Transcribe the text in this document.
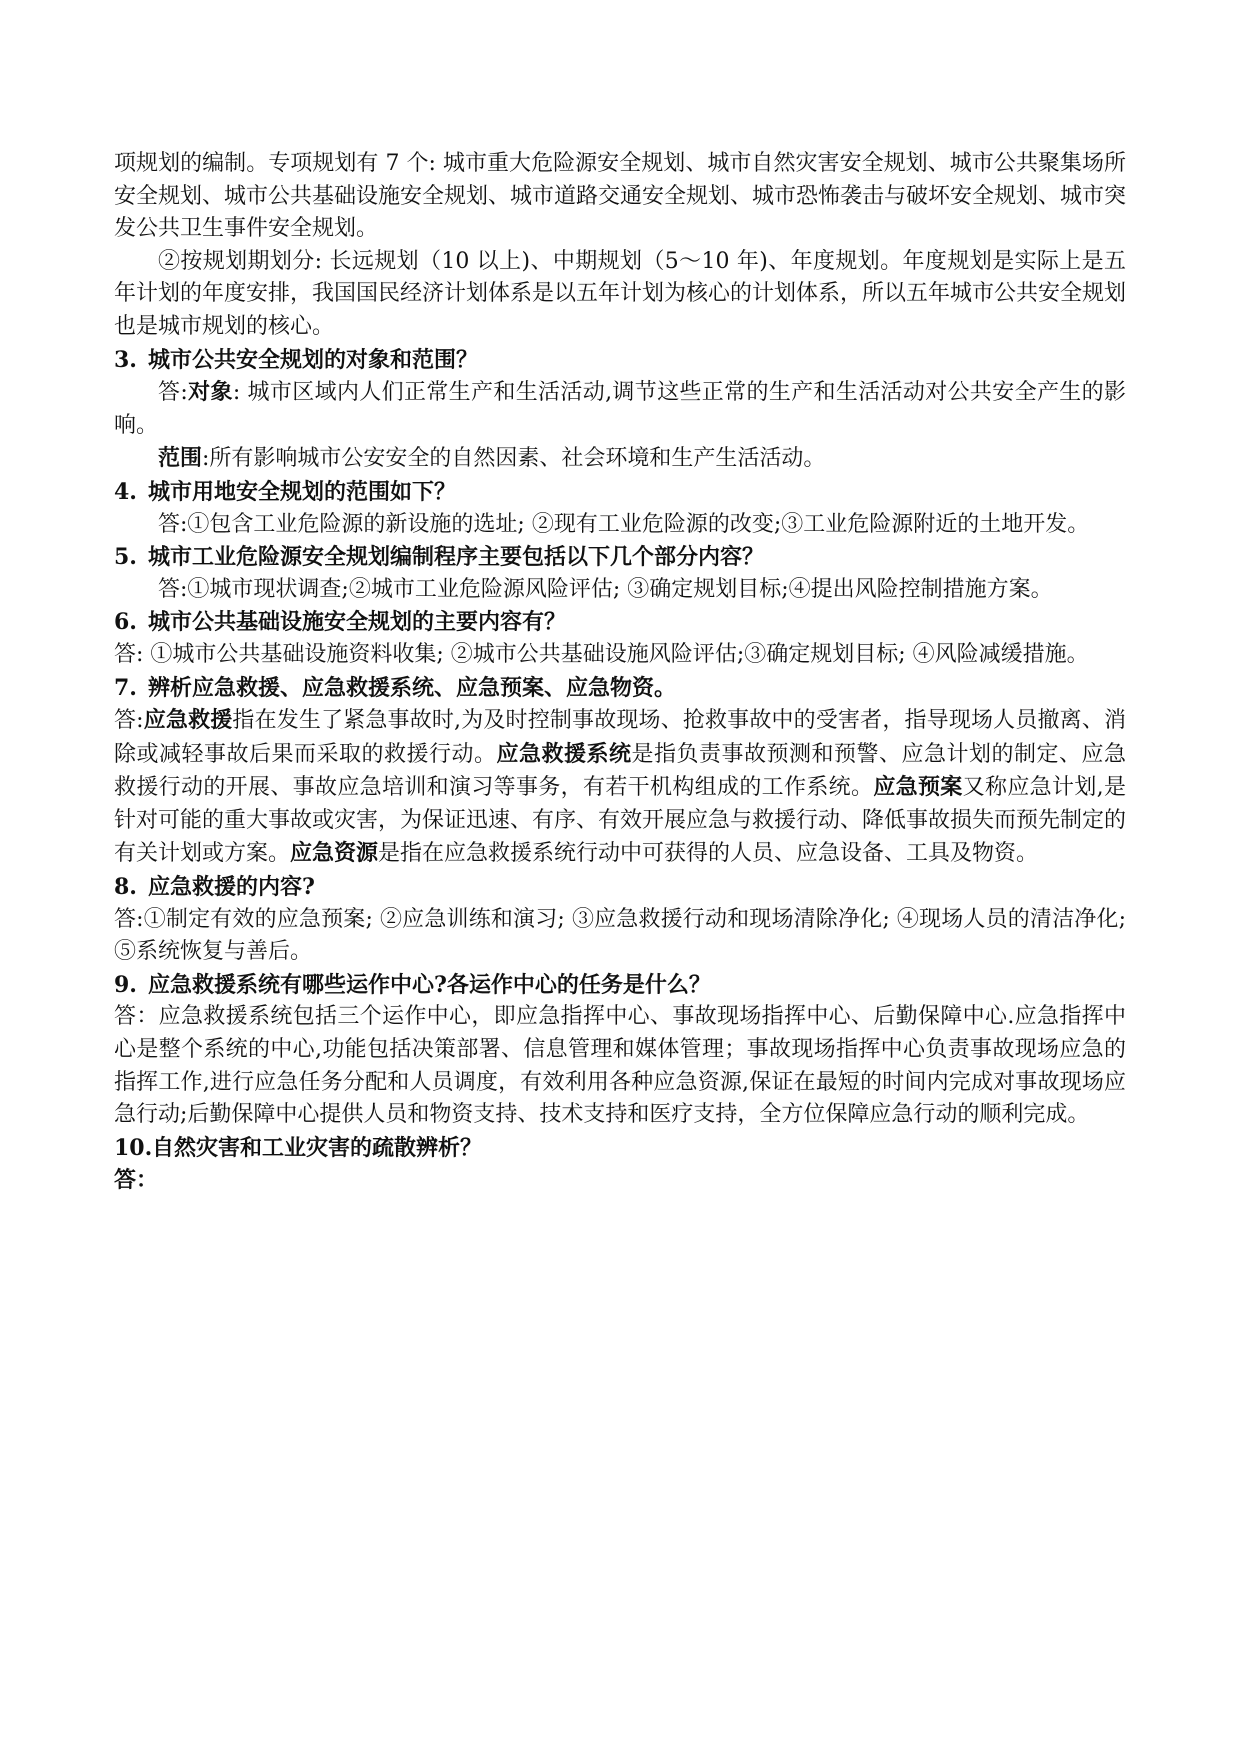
项规划的编制。专项规划有 7 个: 城市重大危险源安全规划、城市自然灾害安全规划、城市公共聚集场所安全规划、城市公共基础设施安全规划、城市道路交通安全规划、城市恐怖袭击与破坏安全规划、城市突发公共卫生事件安全规划。

②按规划期划分: 长远规划（10 以上)、中期规划（5～10 年)、年度规划。年度规划是实际上是五年计划的年度安排，我国国民经济计划体系是以五年计划为核心的计划体系，所以五年城市公共安全规划也是城市规划的核心。

3. 城市公共安全规划的对象和范围？

答:对象: 城市区域内人们正常生产和生活活动,调节这些正常的生产和生活活动对公共安全产生的影响。

范围:所有影响城市公安安全的自然因素、社会环境和生产生活活动。

4. 城市用地安全规划的范围如下？

答:①包含工业危险源的新设施的选址; ②现有工业危险源的改变;③工业危险源附近的土地开发。

5. 城市工业危险源安全规划编制程序主要包括以下几个部分内容？

答:①城市现状调查;②城市工业危险源风险评估; ③确定规划目标;④提出风险控制措施方案。

6. 城市公共基础设施安全规划的主要内容有？

答: ①城市公共基础设施资料收集; ②城市公共基础设施风险评估;③确定规划目标; ④风险减缓措施。

7. 辨析应急救援、应急救援系统、应急预案、应急物资。

答:应急救援指在发生了紧急事故时,为及时控制事故现场、抢救事故中的受害者，指导现场人员撤离、消除或减轻事故后果而采取的救援行动。应急救援系统是指负责事故预测和预警、应急计划的制定、应急救援行动的开展、事故应急培训和演习等事务，有若干机构组成的工作系统。应急预案又称应急计划,是针对可能的重大事故或灾害，为保证迅速、有序、有效开展应急与救援行动、降低事故损失而预先制定的有关计划或方案。应急资源是指在应急救援系统行动中可获得的人员、应急设备、工具及物资。

8. 应急救援的内容?

答:①制定有效的应急预案; ②应急训练和演习; ③应急救援行动和现场清除净化; ④现场人员的清洁净化;⑤系统恢复与善后。

9. 应急救援系统有哪些运作中心?各运作中心的任务是什么？

答：应急救援系统包括三个运作中心，即应急指挥中心、事故现场指挥中心、后勤保障中心.应急指挥中心是整个系统的中心,功能包括决策部署、信息管理和媒体管理；事故现场指挥中心负责事故现场应急的指挥工作,进行应急任务分配和人员调度，有效利用各种应急资源,保证在最短的时间内完成对事故现场应急行动;后勤保障中心提供人员和物资支持、技术支持和医疗支持，全方位保障应急行动的顺利完成。

10.自然灾害和工业灾害的疏散辨析？

答：
